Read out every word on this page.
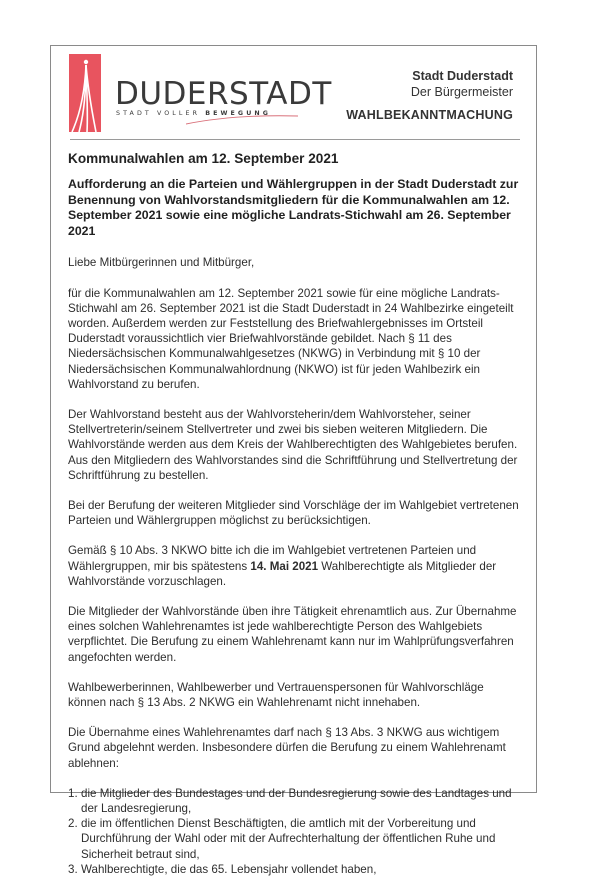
DUDERSTADT
STADT VOLLER BEWEGUNG
Stadt Duderstadt
Der Bürgermeister
WAHLBEKANNTMACHUNG
Kommunalwahlen am 12. September 2021
Aufforderung an die Parteien und Wählergruppen in der Stadt Duderstadt zur Benennung von Wahlvorstandsmitgliedern für die Kommunalwahlen am 12. September 2021 sowie eine mögliche Landrats-Stichwahl am 26. September 2021

Liebe Mitbürgerinnen und Mitbürger,

für die Kommunalwahlen am 12. September 2021 sowie für eine mögliche Landrats-Stichwahl am 26. September 2021 ist die Stadt Duderstadt in 24 Wahlbezirke eingeteilt worden. Außerdem werden zur Feststellung des Briefwahlergebnisses im Ortsteil Duderstadt voraussichtlich vier Briefwahlvorstände gebildet. Nach § 11 des Niedersächsischen Kommunalwahlgesetzes (NKWG) in Verbindung mit § 10 der Niedersächsischen Kommunalwahlordnung (NKWO) ist für jeden Wahlbezirk ein Wahlvorstand zu berufen.

Der Wahlvorstand besteht aus der Wahlvorsteherin/dem Wahlvorsteher, seiner Stellvertreterin/seinem Stellvertreter und zwei bis sieben weiteren Mitgliedern. Die Wahlvorstände werden aus dem Kreis der Wahlberechtigten des Wahlgebietes berufen. Aus den Mitgliedern des Wahlvorstandes sind die Schriftführung und Stellvertretung der Schriftführung zu bestellen.

Bei der Berufung der weiteren Mitglieder sind Vorschläge der im Wahlgebiet vertretenen Parteien und Wählergruppen möglichst zu berücksichtigen.

Gemäß § 10 Abs. 3 NKWO bitte ich die im Wahlgebiet vertretenen Parteien und Wählergruppen, mir bis spätestens 14. Mai 2021 Wahlberechtigte als Mitglieder der Wahlvorstände vorzuschlagen.

Die Mitglieder der Wahlvorstände üben ihre Tätigkeit ehrenamtlich aus. Zur Übernahme eines solchen Wahlehrenamtes ist jede wahlberechtigte Person des Wahlgebiets verpflichtet. Die Berufung zu einem Wahlehrenamt kann nur im Wahlprüfungsverfahren angefochten werden.

Wahlbewerberinnen, Wahlbewerber und Vertrauenspersonen für Wahlvorschläge können nach § 13 Abs. 2 NKWG ein Wahlehrenamt nicht innehaben.

Die Übernahme eines Wahlehrenamtes darf nach § 13 Abs. 3 NKWG aus wichtigem Grund abgelehnt werden. Insbesondere dürfen die Berufung zu einem Wahlehrenamt ablehnen:

1. die Mitglieder des Bundestages und der Bundesregierung sowie des Landtages und der Landesregierung,
2. die im öffentlichen Dienst Beschäftigten, die amtlich mit der Vorbereitung und Durchführung der Wahl oder mit der Aufrechterhaltung der öffentlichen Ruhe und Sicherheit betraut sind,
3. Wahlberechtigte, die das 65. Lebensjahr vollendet haben,
